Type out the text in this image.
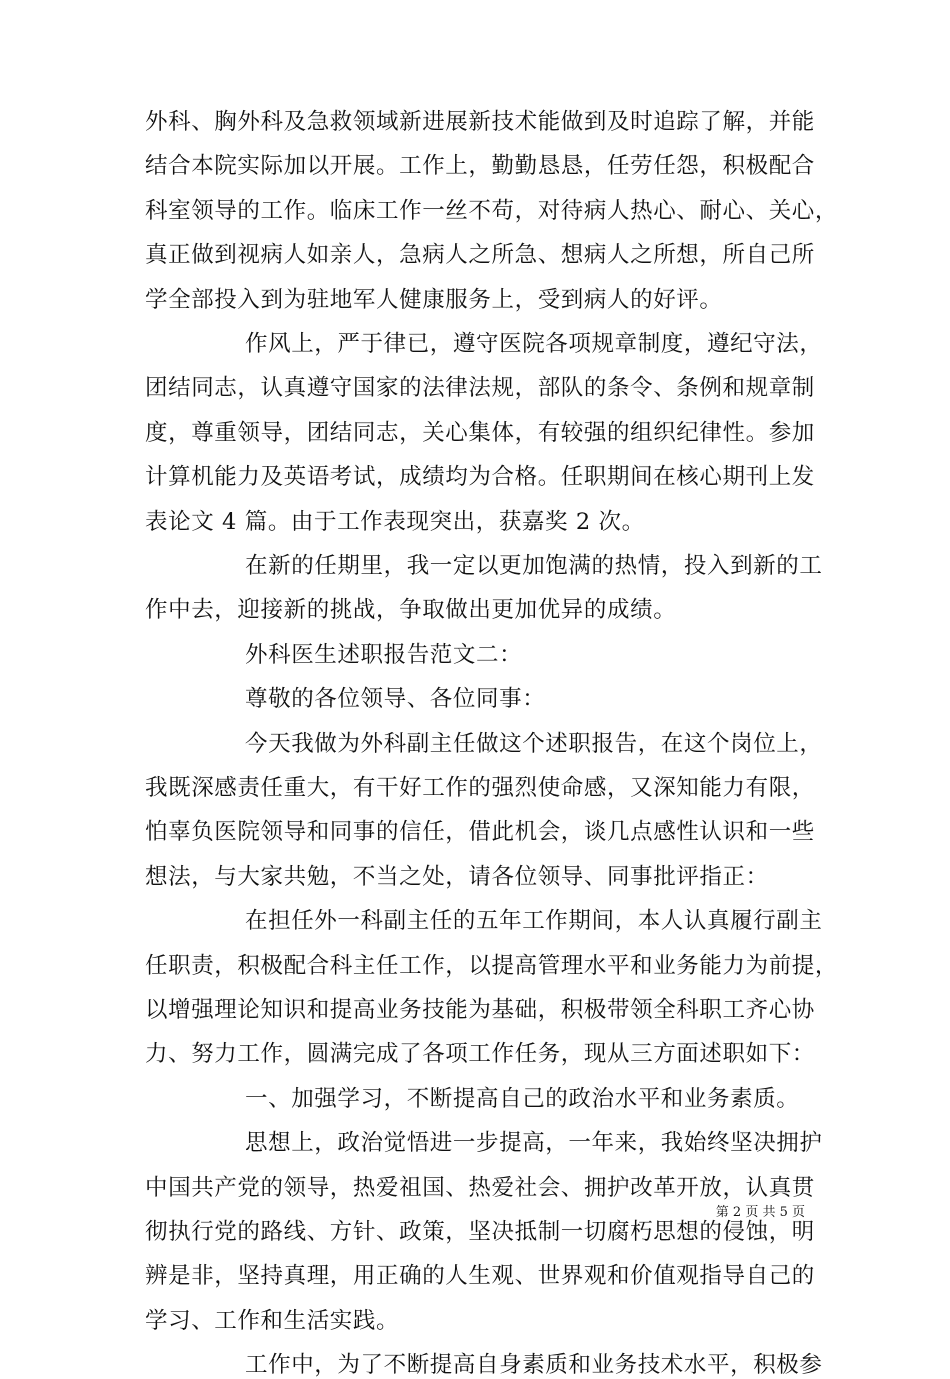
外科、胸外科及急救领域新进展新技术能做到及时追踪了解，并能
结合本院实际加以开展。工作上，勤勤恳恳，任劳任怨，积极配合
科室领导的工作。临床工作一丝不苟，对待病人热心、耐心、关心，
真正做到视病人如亲人，急病人之所急、想病人之所想，所自己所
学全部投入到为驻地军人健康服务上，受到病人的好评。
作风上，严于律已，遵守医院各项规章制度，遵纪守法，
团结同志，认真遵守国家的法律法规，部队的条令、条例和规章制
度，尊重领导，团结同志，关心集体，有较强的组织纪律性。参加
计算机能力及英语考试，成绩均为合格。任职期间在核心期刊上发
表论文 4 篇。由于工作表现突出，获嘉奖 2 次。
在新的任期里，我一定以更加饱满的热情，投入到新的工
作中去，迎接新的挑战，争取做出更加优异的成绩。
外科医生述职报告范文二：
尊敬的各位领导、各位同事：
今天我做为外科副主任做这个述职报告，在这个岗位上，
我既深感责任重大，有干好工作的强烈使命感，又深知能力有限，
怕辜负医院领导和同事的信任，借此机会，谈几点感性认识和一些
想法，与大家共勉，不当之处，请各位领导、同事批评指正：
在担任外一科副主任的五年工作期间，本人认真履行副主
任职责，积极配合科主任工作，以提高管理水平和业务能力为前提，
以增强理论知识和提高业务技能为基础，积极带领全科职工齐心协
力、努力工作，圆满完成了各项工作任务，现从三方面述职如下：
一、加强学习，不断提高自己的政治水平和业务素质。
思想上，政治觉悟进一步提高，一年来，我始终坚决拥护
中国共产党的领导，热爱祖国、热爱社会、拥护改革开放，认真贯
彻执行党的路线、方针、政策，坚决抵制一切腐朽思想的侵蚀，明
辨是非，坚持真理，用正确的人生观、世界观和价值观指导自己的
学习、工作和生活实践。
工作中，为了不断提高自身素质和业务技术水平，积极参
第 2 页 共 5 页
